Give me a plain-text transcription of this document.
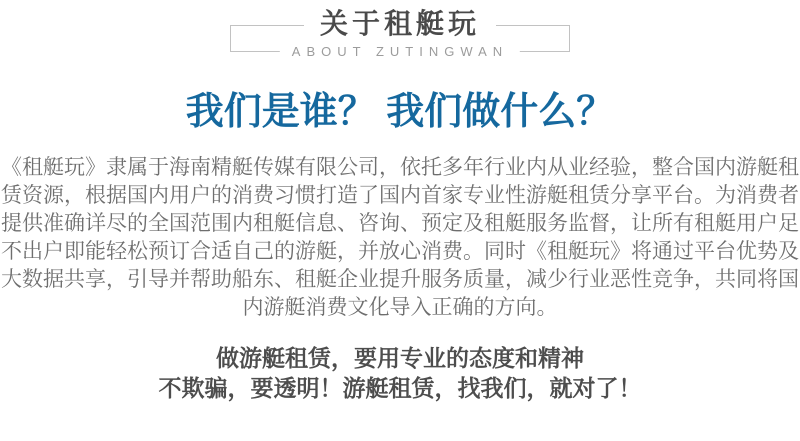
关于租艇玩
ABOUT ZUTINGWAN
我们是谁？ 我们做什么？
《租艇玩》隶属于海南精艇传媒有限公司，依托多年行业内从业经验，整合国内游艇租
赁资源，根据国内用户的消费习惯打造了国内首家专业性游艇租赁分享平台。为消费者
提供准确详尽的全国范围内租艇信息、咨询、预定及租艇服务监督，让所有租艇用户足
不出户即能轻松预订合适自己的游艇，并放心消费。同时《租艇玩》将通过平台优势及
大数据共享，引导并帮助船东、租艇企业提升服务质量，减少行业恶性竞争，共同将国
内游艇消费文化导入正确的方向。
做游艇租赁，要用专业的态度和精神
不欺骗，要透明！游艇租赁，找我们，就对了！
